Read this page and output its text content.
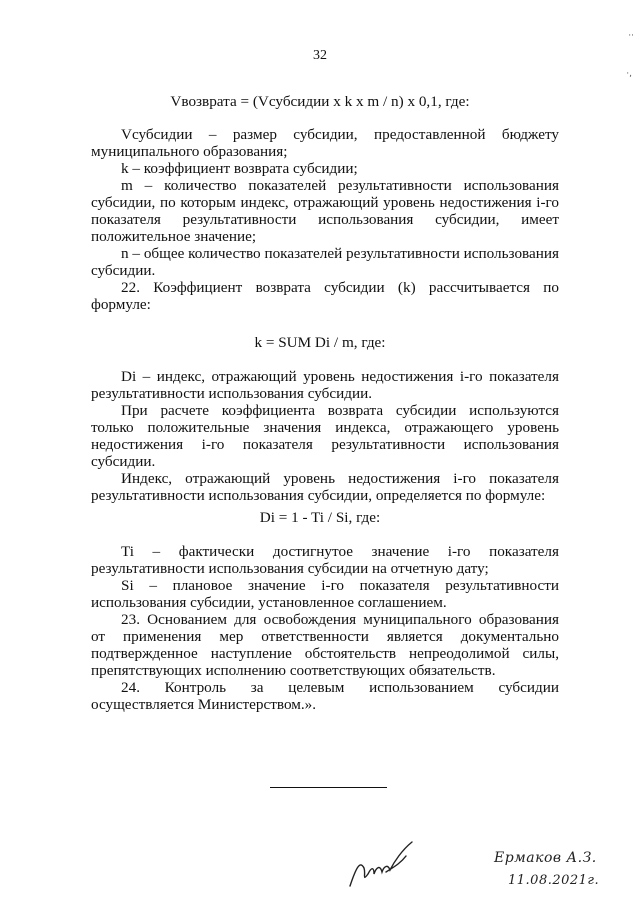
··
·,
32
Vвозврата = (Vсубсидии x k x m / n) x 0,1, где:

Vсубсидии – размер субсидии, предоставленной бюджету муниципального образования;

k – коэффициент возврата субсидии;

m – количество показателей результативности использования субсидии, по которым индекс, отражающий уровень недостижения i-го показателя результативности использования субсидии, имеет положительное значение;

n – общее количество показателей результативности использования субсидии.

22. Коэффициент возврата субсидии (k) рассчитывается по формуле:

k = SUM Di / m, где:

Di – индекс, отражающий уровень недостижения i-го показателя результативности использования субсидии.

При расчете коэффициента возврата субсидии используются только положительные значения индекса, отражающего уровень недостижения i-го показателя результативности использования субсидии.

Индекс, отражающий уровень недостижения i-го показателя результативности использования субсидии, определяется по формуле:

Di = 1 - Ti / Si, где:

Ti – фактически достигнутое значение i-го показателя результативности использования субсидии на отчетную дату;

Si – плановое значение i-го показателя результативности использования субсидии, установленное соглашением.

23. Основанием для освобождения муниципального образования от применения мер ответственности является документально подтвержденное наступление обстоятельств непреодолимой силы, препятствующих исполнению соответствующих обязательств.

24. Контроль за целевым использованием субсидии осуществляется Министерством.».

Ермаков А.З.
11.08.2021г.
